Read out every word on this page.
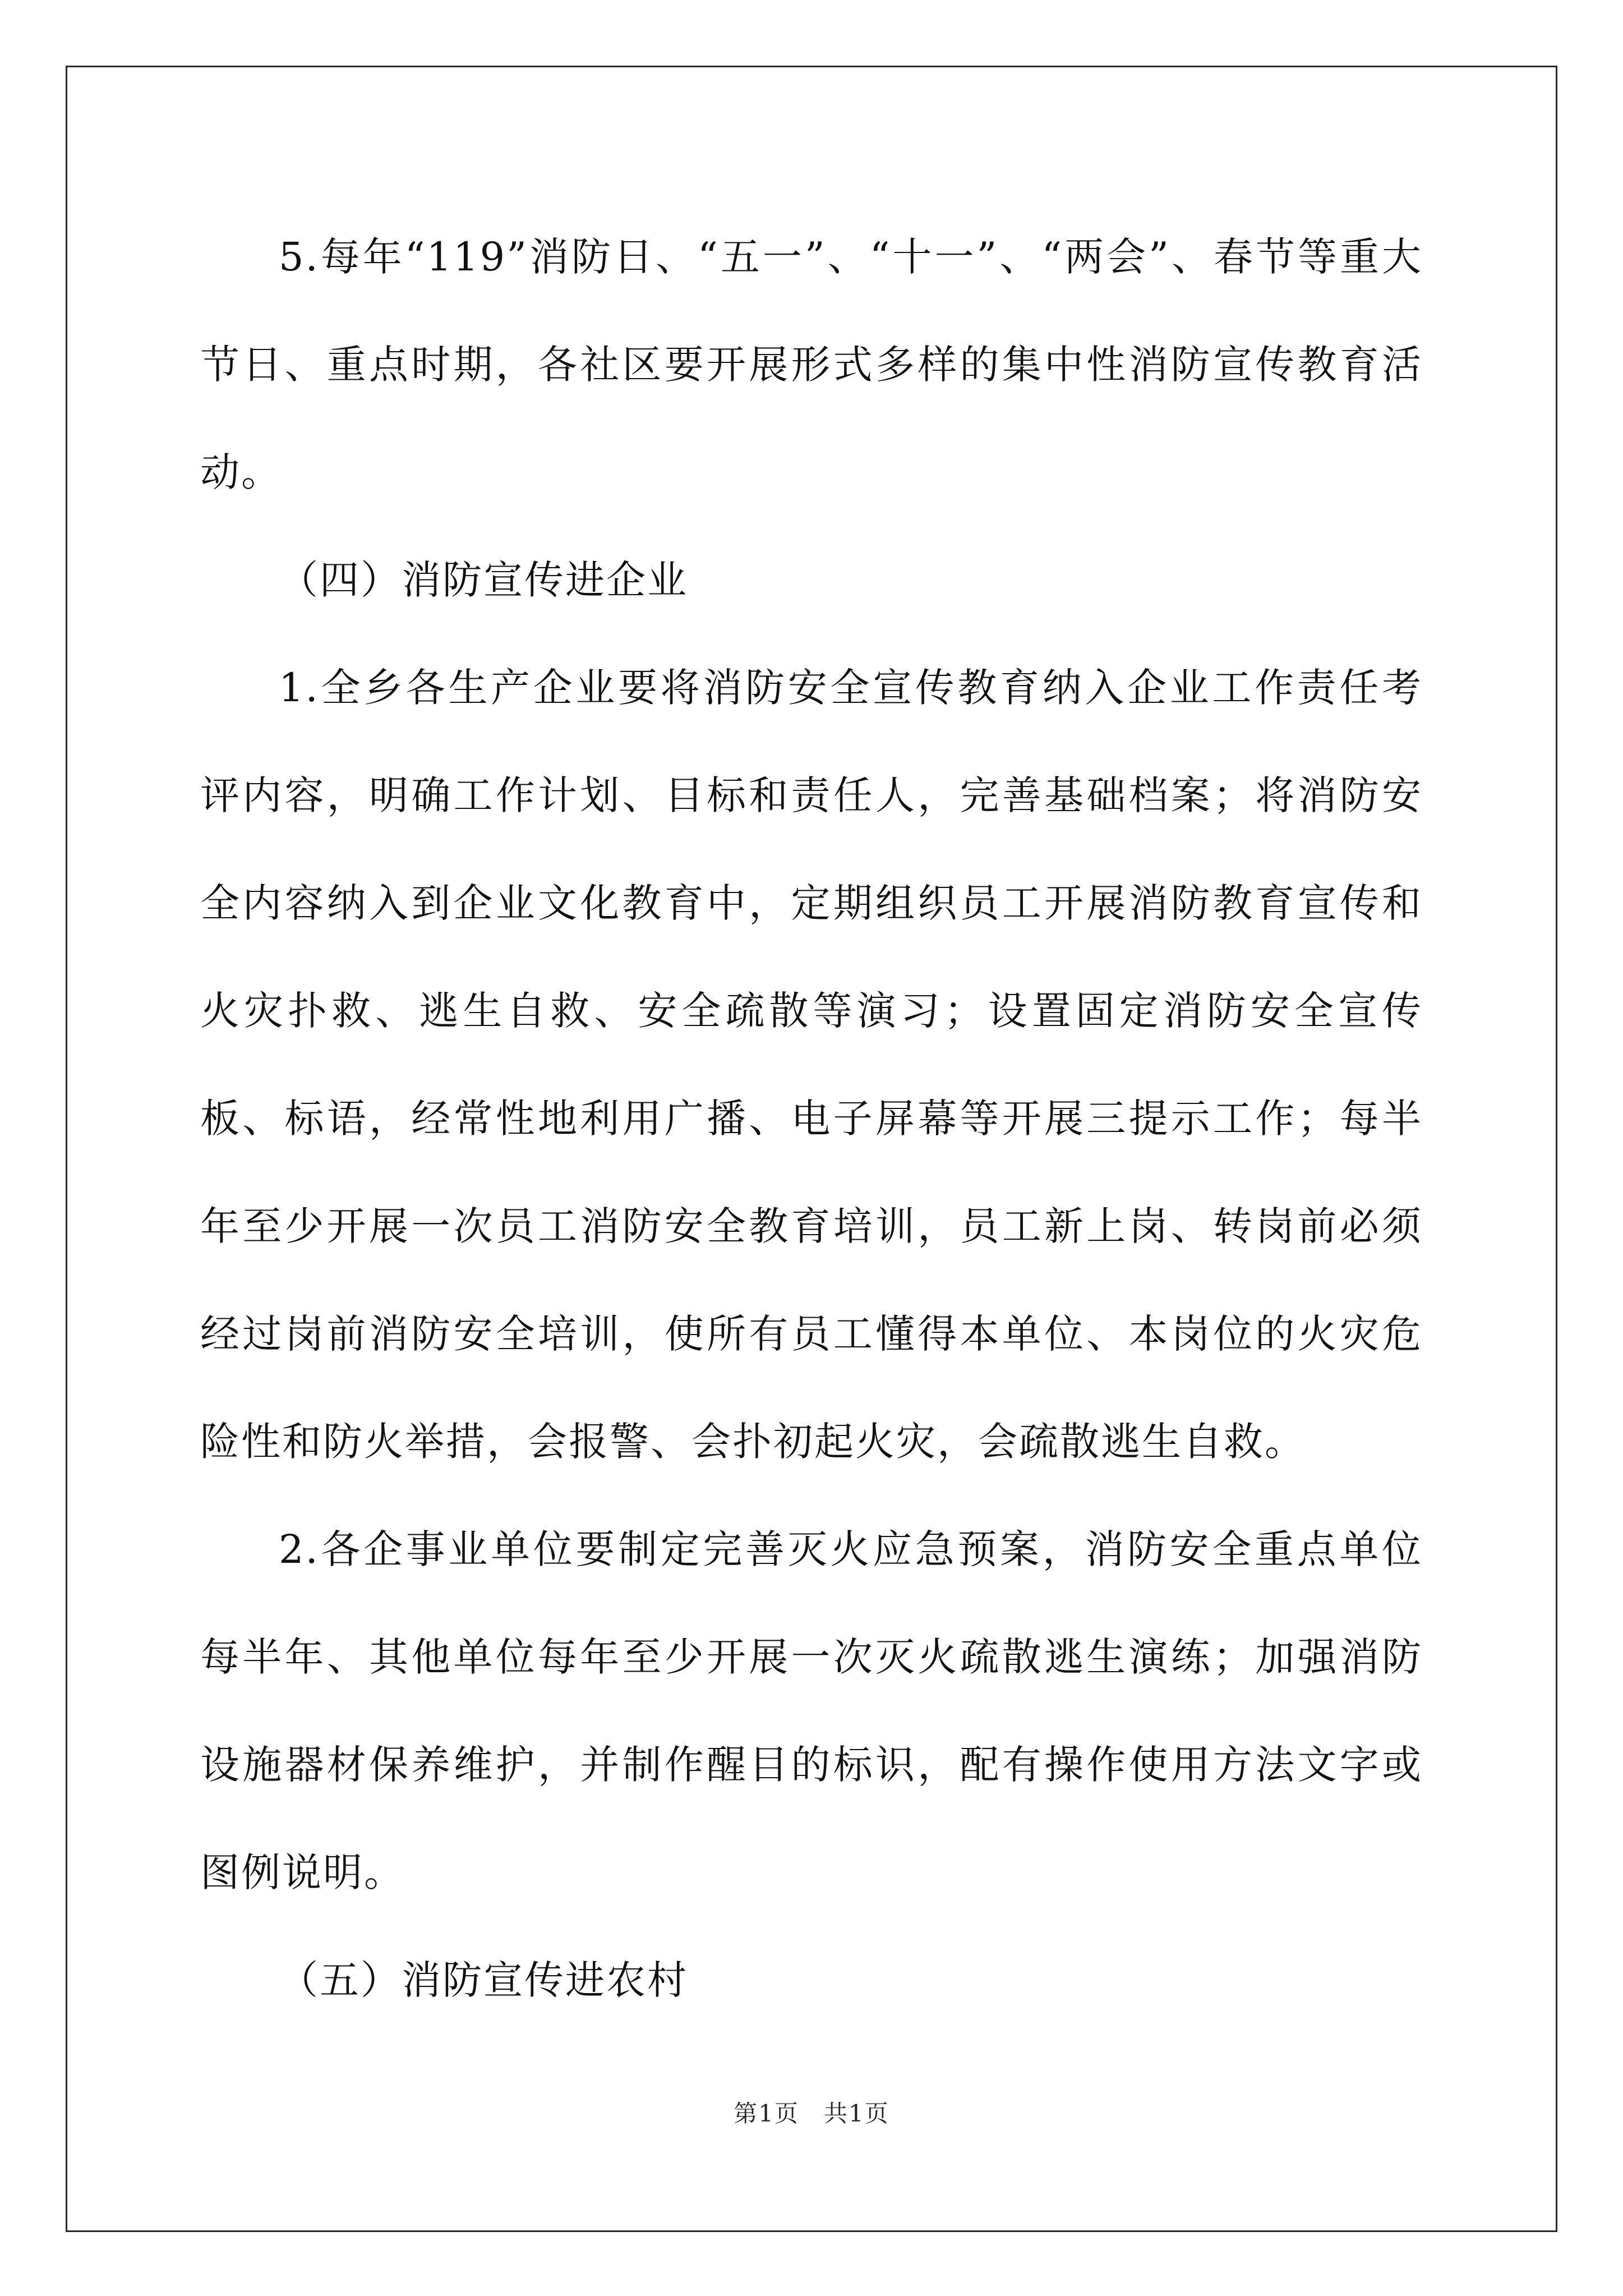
5.每年“119”消防日、“五一”、“十一”、“两会”、春节等重大节日、重点时期，各社区要开展形式多样的集中性消防宣传教育活动。

（四）消防宣传进企业

1.全乡各生产企业要将消防安全宣传教育纳入企业工作责任考评内容，明确工作计划、目标和责任人，完善基础档案；将消防安全内容纳入到企业文化教育中，定期组织员工开展消防教育宣传和火灾扑救、逃生自救、安全疏散等演习；设置固定消防安全宣传板、标语，经常性地利用广播、电子屏幕等开展三提示工作；每半年至少开展一次员工消防安全教育培训，员工新上岗、转岗前必须经过岗前消防安全培训，使所有员工懂得本单位、本岗位的火灾危险性和防火举措，会报警、会扑初起火灾，会疏散逃生自救。

2.各企事业单位要制定完善灭火应急预案，消防安全重点单位每半年、其他单位每年至少开展一次灭火疏散逃生演练；加强消防设施器材保养维护，并制作醒目的标识，配有操作使用方法文字或图例说明。

（五）消防宣传进农村

第1页　共1页
